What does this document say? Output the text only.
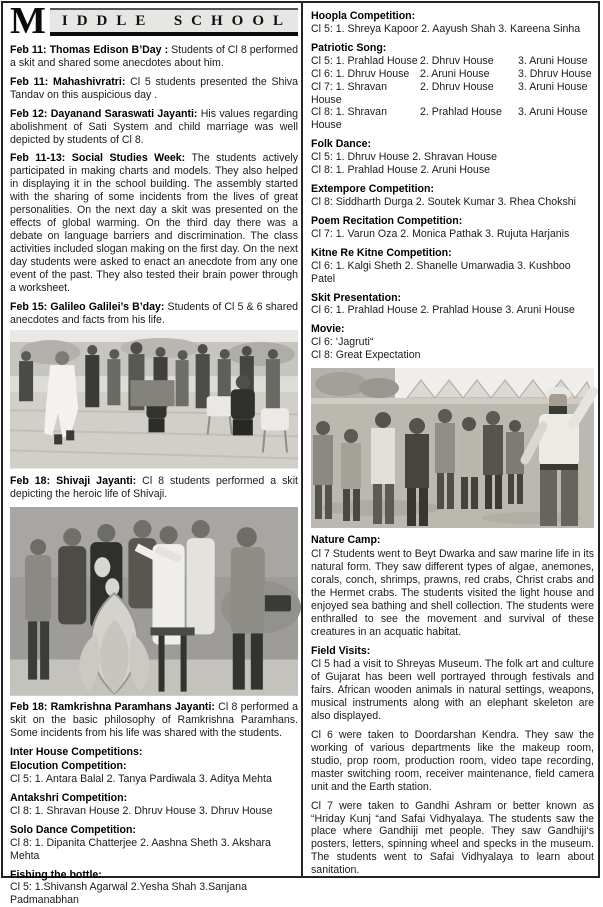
M IDDLE SCHOOL

Feb 11: Thomas Edison B’Day : Students of Cl 8 performed a skit and shared some anecdotes about him.

Feb 11: Mahashivratri: Cl 5 students presented the Shiva Tandav on this auspicious day .

Feb 12: Dayanand Saraswati Jayanti: His values regarding abolishment of Sati System and child marriage was well depicted by students of Cl 8.

Feb 11-13: Social Studies Week: The students actively participated in making charts and models. They also helped in displaying it in the school building. The assembly started with the sharing of some incidents from the lives of great personalities. On the next day a skit was presented on the effects of global warming. On the third day there was a debate on language barriers and discrimination. The class activities included slogan making on the first day. On the next day students were asked to enact an anecdote from any one event of the past. They also tested their brain power through a worksheet.

Feb 15: Galileo Galilei’s B’day: Students of Cl 5 & 6 shared anecdotes and facts from his life.

Feb 18: Shivaji Jayanti: Cl 8 students performed a skit depicting the heroic life of Shivaji.

Feb 18: Ramkrishna Paramhans Jayanti: Cl 8 performed a skit on the basic philosophy of Ramkrishna Paramhans. Some incidents from his life was shared with the students.

Inter House Competitions:
Elocution Competition:
Cl 5: 1. Antara Balal 2. Tanya Pardiwala 3. Aditya Mehta
Antakshri Competition:
Cl 8: 1. Shravan House 2. Dhruv House 3. Dhruv House
Solo Dance Competition:
Cl 8: 1. Dipanita Chatterjee 2. Aashna Sheth 3. Akshara Mehta
Fishing the bottle:
Cl 5: 1.Shivansh Agarwal 2.Yesha Shah 3.Sanjana Padmanabhan
Hoopla Competition:
Cl 5: 1. Shreya Kapoor 2. Aayush Shah 3. Kareena Sinha
Patriotic Song:
Cl 5: 1. Prahlad House 2. Dhruv House	3. Aruni House
Cl 6: 1. Dhruv House	2. Aruni House	3. Dhruv House
Cl 7: 1. Shravan House
2. Dhruv House	3. Aruni House
Cl 8: 1. Shravan House
2. Prahlad House	3. Aruni House
Folk Dance:
Cl 5: 1. Dhruv House 2. Shravan House
Cl 8: 1. Prahlad House 2. Aruni House
Extempore Competition:
Cl 8: Siddharth Durga 2. Soutek Kumar 3. Rhea Chokshi
Poem Recitation Competition:
Cl 7: 1. Varun Oza 2. Monica Pathak 3. Rujuta Harjanis
Kitne Re Kitne Competition:
Cl 6: 1. Kalgi Sheth 2. Shanelle Umarwadia 3. Kushboo Patel
Skit Presentation:
Cl 6: 1. Prahlad House 2. Prahlad House 3. Aruni House
Movie:
Cl 6: ‘Jagruti“
Cl 8: Great Expectation
Nature Camp:

Cl 7 Students went to Beyt Dwarka and saw marine life in its natural form. They saw different types of algae, anemones, corals, conch, shrimps, prawns, red crabs, Christ crabs and the Hermet crabs. The students visited the light house and enjoyed sea bathing and shell collection. The students were enthralled to see the movement and survival of these creatures in an acquatic habitat.

Field Visits:

Cl 5 had a visit to Shreyas Museum. The folk art and culture of Gujarat has been well portrayed through festivals and fairs. African wooden animals in natural settings, weapons, musical instruments along with an elephant skeleton are also displayed.

Cl 6 were taken to Doordarshan Kendra. They saw the working of various departments like the makeup room, studio, prop room, production room, video tape recording, master switching room, receiver maintenance, field camera unit and the Earth station.

Cl 7 were taken to Gandhi Ashram or better known as “Hriday Kunj “and Safai Vidhyalaya. The students saw the place where Gandhiji met people. They saw Gandhiji‘s posters, letters, spinning wheel and specks in the museum. The students went to Safai Vidhyalaya to learn about sanitation.
